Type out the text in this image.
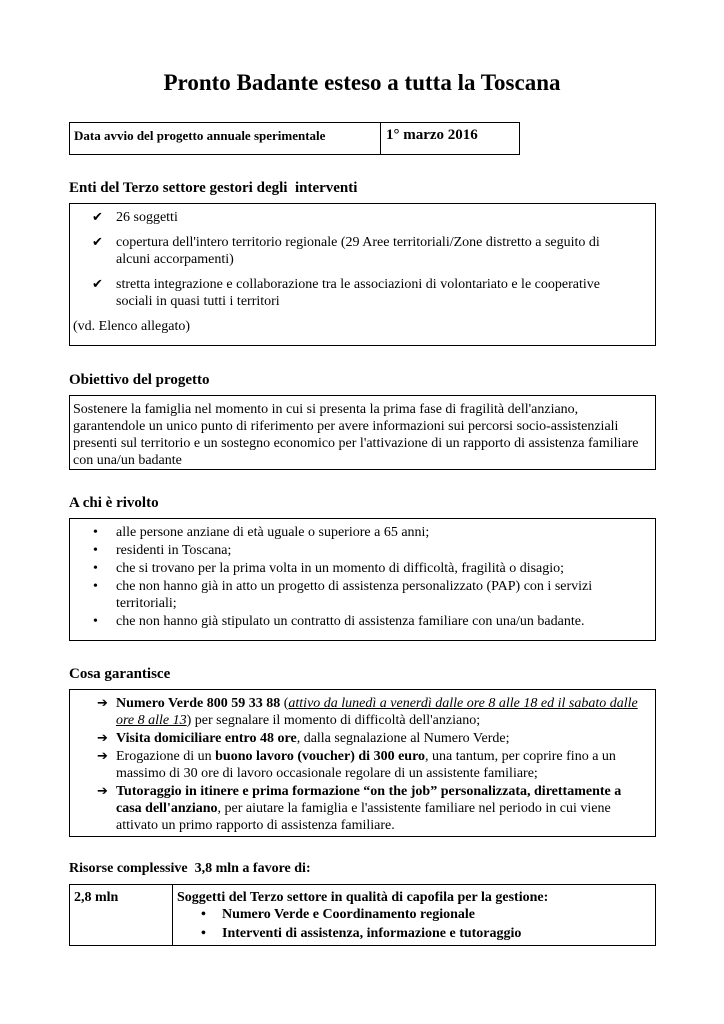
Pronto Badante esteso a tutta la Toscana
Data avvio del progetto annuale sperimentale	1° marzo 2016
Enti del Terzo settore gestori degli  interventi
✔ 26 soggetti
✔ copertura dell'intero territorio regionale (29 Aree territoriali/Zone distretto a seguito di alcuni accorpamenti)
✔ stretta integrazione e collaborazione tra le associazioni di volontariato e le cooperative sociali in quasi tutti i territori
(vd. Elenco allegato)
Obiettivo del progetto
Sostenere la famiglia nel momento in cui si presenta la prima fase di fragilità dell'anziano, garantendole un unico punto di riferimento per avere informazioni sui percorsi socio-assistenziali presenti sul territorio e un sostegno economico per l'attivazione di un rapporto di assistenza familiare con una/un badante
A chi è rivolto
• alle persone anziane di età uguale o superiore a 65 anni;
• residenti in Toscana;
• che si trovano per la prima volta in un momento di difficoltà, fragilità o disagio;
• che non hanno già in atto un progetto di assistenza personalizzato (PAP) con i servizi territoriali;
• che non hanno già stipulato un contratto di assistenza familiare con una/un badante.
Cosa garantisce
➔ Numero Verde 800 59 33 88 (attivo da lunedì a venerdì dalle ore 8 alle 18 ed il sabato dalle ore 8 alle 13) per segnalare il momento di difficoltà dell'anziano;
➔ Visita domiciliare entro 48 ore, dalla segnalazione al Numero Verde;
➔ Erogazione di un buono lavoro (voucher) di 300 euro, una tantum, per coprire fino a un massimo di 30 ore di lavoro occasionale regolare di un assistente familiare;
➔ Tutoraggio in itinere e prima formazione “on the job” personalizzata, direttamente a casa dell'anziano, per aiutare la famiglia e l'assistente familiare nel periodo in cui viene attivato un primo rapporto di assistenza familiare.
Risorse complessive  3,8 mln a favore di:
2,8 mln	Soggetti del Terzo settore in qualità di capofila per la gestione:
• Numero Verde e Coordinamento regionale
• Interventi di assistenza, informazione e tutoraggio
